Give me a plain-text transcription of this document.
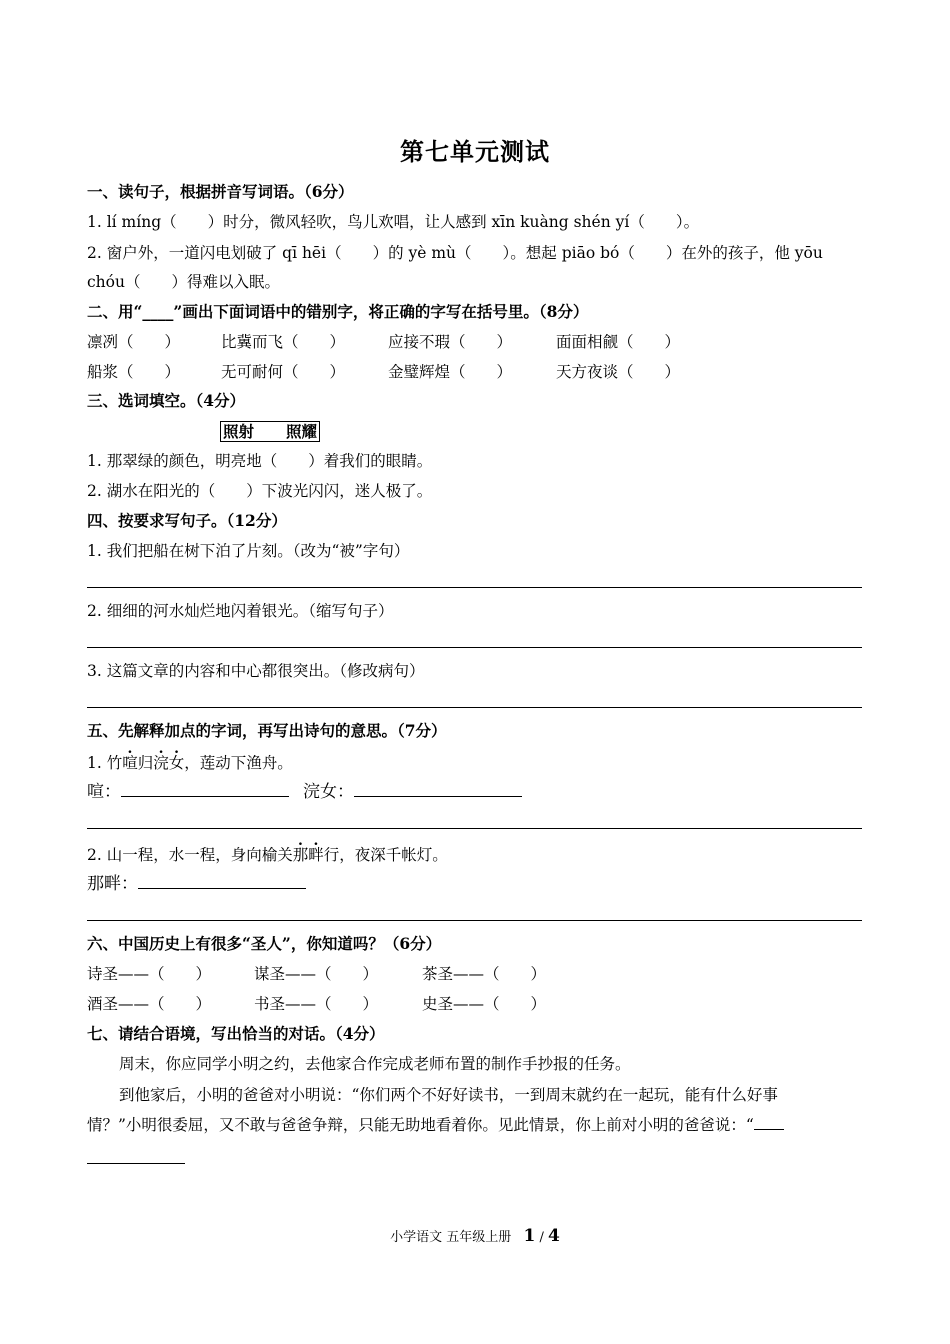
第七单元测试
一、读句子，根据拼音写词语。（6分）
1. lí míng（　　）时分，微风轻吹，鸟儿欢唱，让人感到 xīn kuàng shén yí（　　）。
2. 窗户外，一道闪电划破了 qī hēi（　　）的 yè mù（　　）。想起 piāo bó（　　）在外的孩子，他 yōu
chóu（　　）得难以入眠。
二、用“____”画出下面词语中的错别字，将正确的字写在括号里。（8分）
凛冽（　　）	比冀而飞（　　）	应接不瑕（　　）	面面相觎（　　）
船浆（　　）	无可耐何（　　）	金璧辉煌（　　）	天方夜谈（　　）
三、选词填空。（4分）
照射 照耀
1. 那翠绿的颜色，明亮地（　　）着我们的眼睛。
2. 湖水在阳光的（　　）下波光闪闪，迷人极了。
四、按要求写句子。（12分）
1. 我们把船在树下泊了片刻。（改为“被”字句）
2. 细细的河水灿烂地闪着银光。（缩写句子）
3. 这篇文章的内容和中心都很突出。（修改病句）
五、先解释加点的字词，再写出诗句的意思。（7分）
1. 竹喧归浣女，莲动下渔舟。
喧：	浣女：
2. 山一程，水一程，身向榆关那畔行，夜深千帐灯。
那畔：
六、中国历史上有很多“圣人”，你知道吗？（6分）
诗圣——（　　）	谋圣——（　　）	茶圣——（　　）
酒圣——（　　）	书圣——（　　）	史圣——（　　）
七、请结合语境，写出恰当的对话。（4分）
周末，你应同学小明之约，去他家合作完成老师布置的制作手抄报的任务。
到他家后，小明的爸爸对小明说：“你们两个不好好读书，一到周末就约在一起玩，能有什么好事
情？”小明很委屈，又不敢与爸爸争辩，只能无助地看着你。见此情景，你上前对小明的爸爸说：“
小学语文 五年级上册 1 / 4
